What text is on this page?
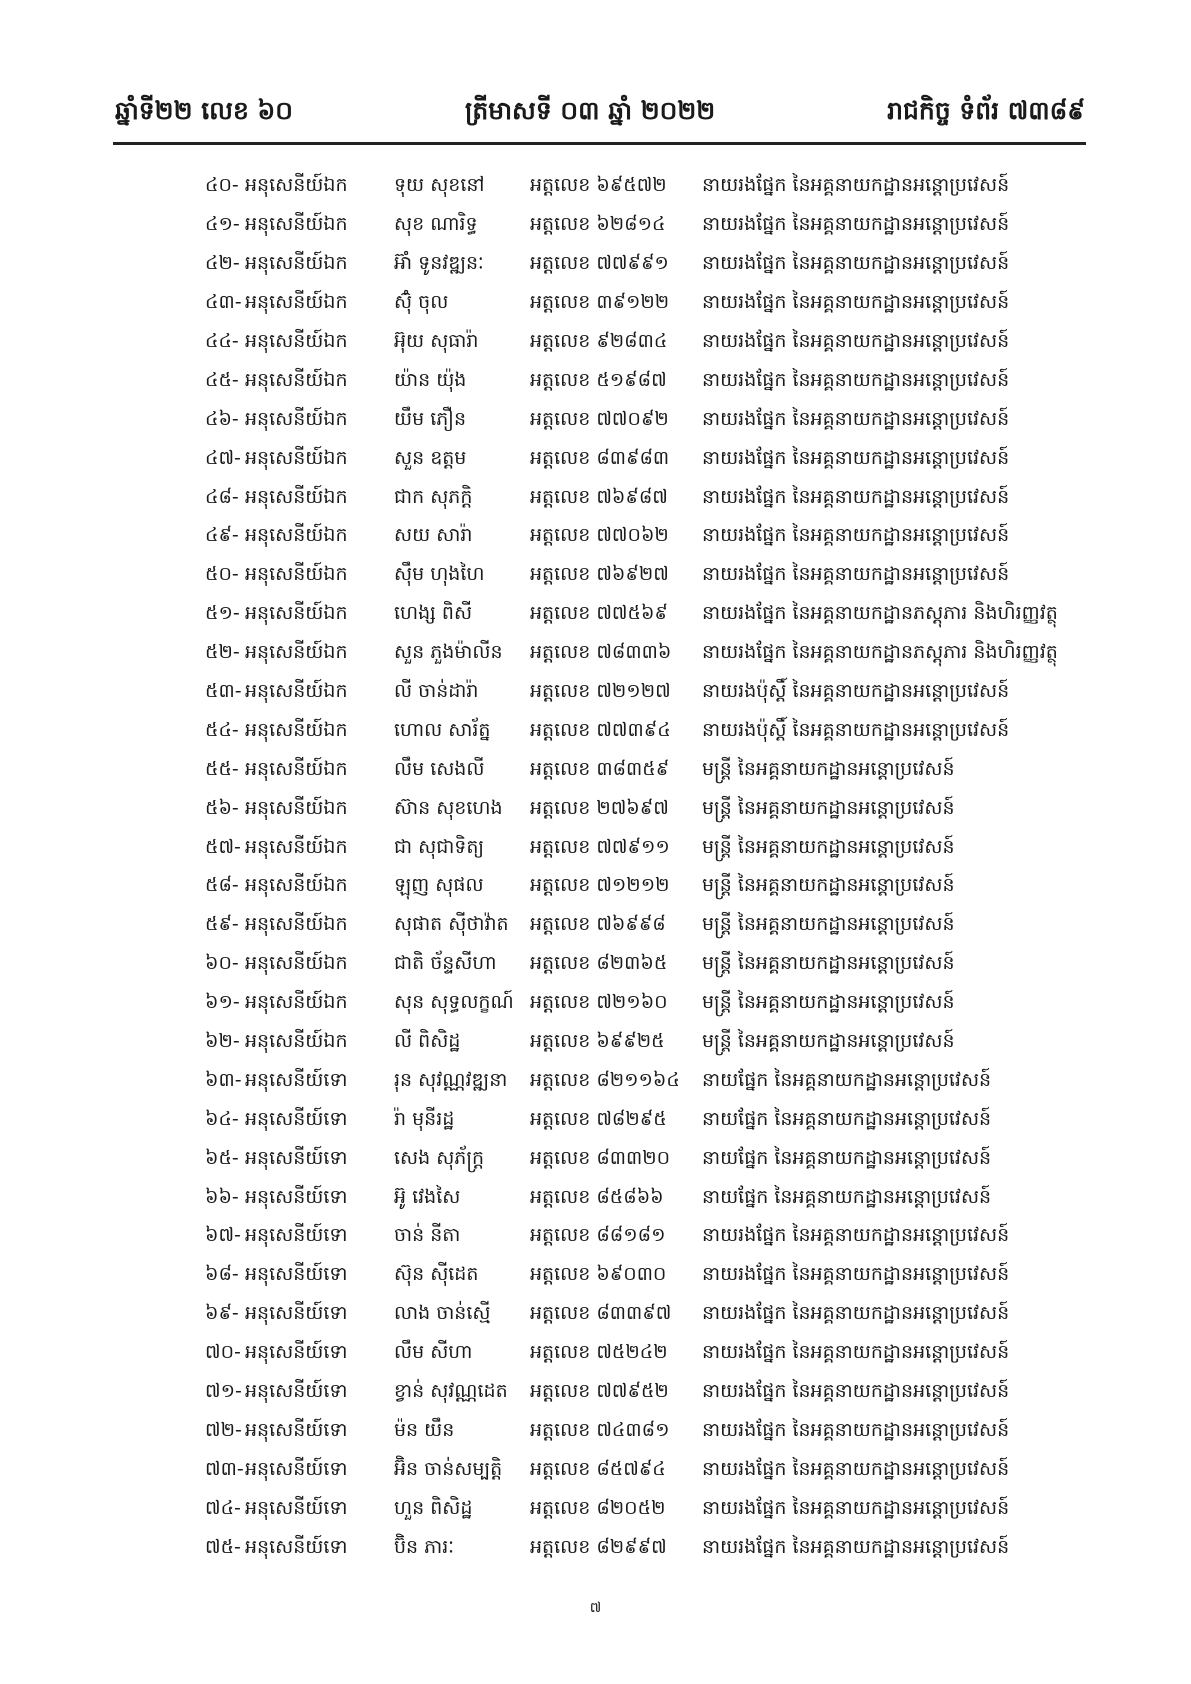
ឆ្នាំទី២២ លេខ ៦០	ត្រីមាសទី ០៣ ឆ្នាំ ២០២២	រាជកិច្ច ទំព័រ ៧៣៨៩
៤០-	អនុសេនីយ៍ឯក	ទុយ សុខនៅ	អត្តលេខ ៦៩៥៧២	នាយរងផ្នែក នៃអគ្គនាយកដ្ឋានអន្តោប្រវេសន៍
៤១-	អនុសេនីយ៍ឯក	សុខ ណារិទ្ធ	អត្តលេខ ៦២៨១៤	នាយរងផ្នែក នៃអគ្គនាយកដ្ឋានអន្តោប្រវេសន៍
៤២-	អនុសេនីយ៍ឯក	អ៊ាំ ទូនវឌ្ឍនៈ	អត្តលេខ ៧៧៩៩១	នាយរងផ្នែក នៃអគ្គនាយកដ្ឋានអន្តោប្រវេសន៍
៤៣-	អនុសេនីយ៍ឯក	ស៊ុំ ចុល	អត្តលេខ ៣៩១២២	នាយរងផ្នែក នៃអគ្គនាយកដ្ឋានអន្តោប្រវេសន៍
៤៤-	អនុសេនីយ៍ឯក	អ៊ុយ សុធារ៉ា	អត្តលេខ ៩២៨៣៤	នាយរងផ្នែក នៃអគ្គនាយកដ្ឋានអន្តោប្រវេសន៍
៤៥-	អនុសេនីយ៍ឯក	យ៉ាន យ៉ុង	អត្តលេខ ៥១៩៨៧	នាយរងផ្នែក នៃអគ្គនាយកដ្ឋានអន្តោប្រវេសន៍
៤៦-	អនុសេនីយ៍ឯក	យឹម ភឿន	អត្តលេខ ៧៧០៩២	នាយរងផ្នែក នៃអគ្គនាយកដ្ឋានអន្តោប្រវេសន៍
៤៧-	អនុសេនីយ៍ឯក	សួន ឧត្តម	អត្តលេខ ៨៣៩៨៣	នាយរងផ្នែក នៃអគ្គនាយកដ្ឋានអន្តោប្រវេសន៍
៤៨-	អនុសេនីយ៍ឯក	ជាក សុភក្តិ	អត្តលេខ ៧៦៩៨៧	នាយរងផ្នែក នៃអគ្គនាយកដ្ឋានអន្តោប្រវេសន៍
៤៩-	អនុសេនីយ៍ឯក	សយ សារ៉ា	អត្តលេខ ៧៧០៦២	នាយរងផ្នែក នៃអគ្គនាយកដ្ឋានអន្តោប្រវេសន៍
៥០-	អនុសេនីយ៍ឯក	ស៊ឹម ហុងហៃ	អត្តលេខ ៧៦៩២៧	នាយរងផ្នែក នៃអគ្គនាយកដ្ឋានអន្តោប្រវេសន៍
៥១-	អនុសេនីយ៍ឯក	ហេង្ស ពិសី	អត្តលេខ ៧៧៥៦៩	នាយរងផ្នែក នៃអគ្គនាយកដ្ឋានភស្តុភារ និងហិរញ្ញវត្ថុ
៥២-	អនុសេនីយ៍ឯក	សួន ភួងម៉ាលីន	អត្តលេខ ៧៨៣៣៦	នាយរងផ្នែក នៃអគ្គនាយកដ្ឋានភស្តុភារ និងហិរញ្ញវត្ថុ
៥៣-	អនុសេនីយ៍ឯក	លី ចាន់ដារ៉ា	អត្តលេខ ៧២១២៧	នាយរងប៉ុស្តិ៍ នៃអគ្គនាយកដ្ឋានអន្តោប្រវេសន៍
៥៤-	អនុសេនីយ៍ឯក	ហោល សារ័ត្ន	អត្តលេខ ៧៧៣៩៤	នាយរងប៉ុស្តិ៍ នៃអគ្គនាយកដ្ឋានអន្តោប្រវេសន៍
៥៥-	អនុសេនីយ៍ឯក	លឹម សេងលី	អត្តលេខ ៣៨៣៥៩	មន្ត្រី នៃអគ្គនាយកដ្ឋានអន្តោប្រវេសន៍
៥៦-	អនុសេនីយ៍ឯក	ស៊ាន សុខហេង	អត្តលេខ ២៧៦៩៧	មន្ត្រី នៃអគ្គនាយកដ្ឋានអន្តោប្រវេសន៍
៥៧-	អនុសេនីយ៍ឯក	ជា សុជាទិត្យ	អត្តលេខ ៧៧៩១១	មន្ត្រី នៃអគ្គនាយកដ្ឋានអន្តោប្រវេសន៍
៥៨-	អនុសេនីយ៍ឯក	ឡុញ សុផល	អត្តលេខ ៧១២១២	មន្ត្រី នៃអគ្គនាយកដ្ឋានអន្តោប្រវេសន៍
៥៩-	អនុសេនីយ៍ឯក	សុផាត ស៊ីថាវ៉ាត	អត្តលេខ ៧៦៩៩៨	មន្ត្រី នៃអគ្គនាយកដ្ឋានអន្តោប្រវេសន៍
៦០-	អនុសេនីយ៍ឯក	ជាតិ ច័ន្ទសីហា	អត្តលេខ ៨២៣៦៥	មន្ត្រី នៃអគ្គនាយកដ្ឋានអន្តោប្រវេសន៍
៦១-	អនុសេនីយ៍ឯក	សុន សុទ្ធលក្ខណ៍	អត្តលេខ ៧២១៦០	មន្ត្រី នៃអគ្គនាយកដ្ឋានអន្តោប្រវេសន៍
៦២-	អនុសេនីយ៍ឯក	លី ពិសិដ្ឋ	អត្តលេខ ៦៩៩២៥	មន្ត្រី នៃអគ្គនាយកដ្ឋានអន្តោប្រវេសន៍
៦៣-	អនុសេនីយ៍ទោ	រុន សុវណ្ណវឌ្ឍនា	អត្តលេខ ៨២១១៦៤	នាយផ្នែក នៃអគ្គនាយកដ្ឋានអន្តោប្រវេសន៍
៦៤-	អនុសេនីយ៍ទោ	រ៉ា មុនីរដ្ឋ	អត្តលេខ ៧៨២៩៥	នាយផ្នែក នៃអគ្គនាយកដ្ឋានអន្តោប្រវេសន៍
៦៥-	អនុសេនីយ៍ទោ	សេង សុភ័ក្ត្រ	អត្តលេខ ៨៣៣២០	នាយផ្នែក នៃអគ្គនាយកដ្ឋានអន្តោប្រវេសន៍
៦៦-	អនុសេនីយ៍ទោ	អ៊ូ វេងសៃ	អត្តលេខ ៨៥៨៦៦	នាយផ្នែក នៃអគ្គនាយកដ្ឋានអន្តោប្រវេសន៍
៦៧-	អនុសេនីយ៍ទោ	ចាន់ នីតា	អត្តលេខ ៨៨១៨១	នាយរងផ្នែក នៃអគ្គនាយកដ្ឋានអន្តោប្រវេសន៍
៦៨-	អនុសេនីយ៍ទោ	ស៊ុន ស៊ីដេត	អត្តលេខ ៦៩០៣០	នាយរងផ្នែក នៃអគ្គនាយកដ្ឋានអន្តោប្រវេសន៍
៦៩-	អនុសេនីយ៍ទោ	លាង ចាន់ស្មើ	អត្តលេខ ៨៣៣៩៧	នាយរងផ្នែក នៃអគ្គនាយកដ្ឋានអន្តោប្រវេសន៍
៧០-	អនុសេនីយ៍ទោ	លឹម សីហា	អត្តលេខ ៧៥២៤២	នាយរងផ្នែក នៃអគ្គនាយកដ្ឋានអន្តោប្រវេសន៍
៧១-	អនុសេនីយ៍ទោ	ខ្វាន់ សុវណ្ណដេត	អត្តលេខ ៧៧៩៥២	នាយរងផ្នែក នៃអគ្គនាយកដ្ឋានអន្តោប្រវេសន៍
៧២-	អនុសេនីយ៍ទោ	ម៉ន យឹន	អត្តលេខ ៧៤៣៨១	នាយរងផ្នែក នៃអគ្គនាយកដ្ឋានអន្តោប្រវេសន៍
៧៣-	អនុសេនីយ៍ទោ	អ៊ិន ចាន់សម្បត្តិ	អត្តលេខ ៨៥៧៩៤	នាយរងផ្នែក នៃអគ្គនាយកដ្ឋានអន្តោប្រវេសន៍
៧៤-	អនុសេនីយ៍ទោ	ហួន ពិសិដ្ឋ	អត្តលេខ ៨២០៥២	នាយរងផ្នែក នៃអគ្គនាយកដ្ឋានអន្តោប្រវេសន៍
៧៥-	អនុសេនីយ៍ទោ	ប៊ិន ភារៈ	អត្តលេខ ៨២៩៩៧	នាយរងផ្នែក នៃអគ្គនាយកដ្ឋានអន្តោប្រវេសន៍
៧
